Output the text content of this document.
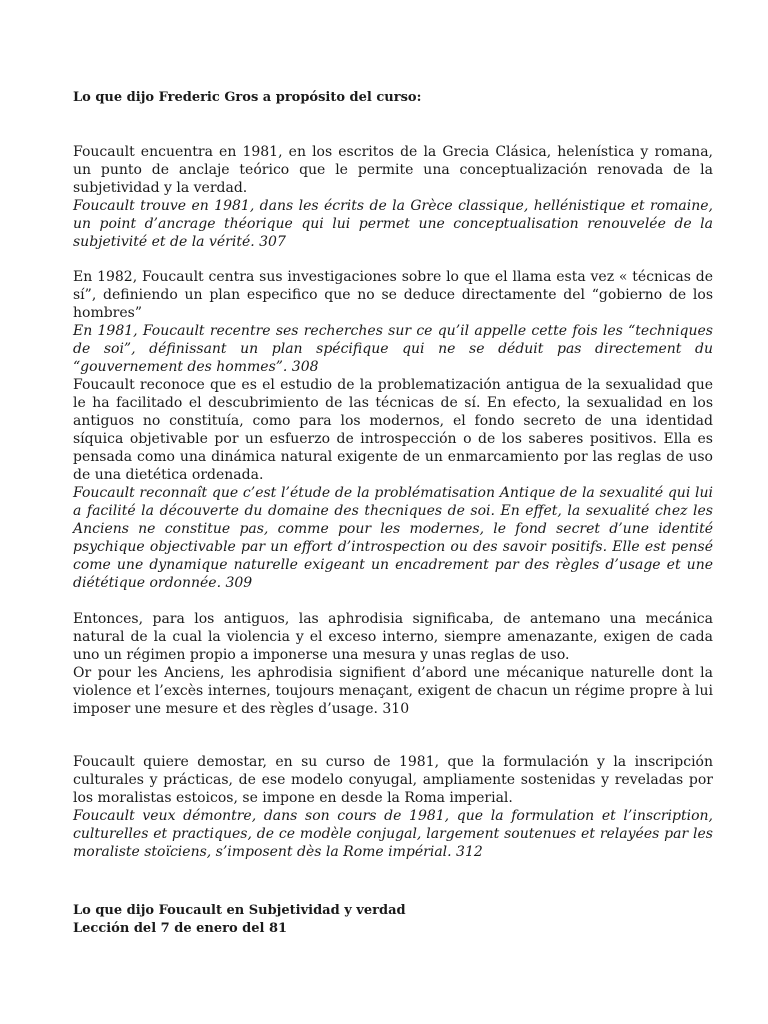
Lo que dijo Frederic Gros a propósito del curso:

Foucault encuentra en 1981, en los escritos de la Grecia Clásica, helenística y romana, un punto de anclaje teórico que le permite una conceptualización renovada de la subjetividad y la verdad.

Foucault trouve en 1981, dans les écrits de la Grèce classique, hellénistique et romaine, un point d’ancrage théorique qui lui permet une conceptualisation renouvelée de la subjetivité et de la vérité. 307

En 1982, Foucault centra sus investigaciones sobre lo que el llama esta vez « técnicas de sí”, definiendo un plan especifico que no se deduce directamente del “gobierno de los hombres”

En 1981, Foucault recentre ses recherches sur ce qu’il appelle cette fois les “techniques de soi”, définissant un plan spécifique qui ne se déduit pas directement du “gouvernement des hommes”. 308

Foucault reconoce que es el estudio de la problematización antigua de la sexualidad que le ha facilitado el descubrimiento de las técnicas de sí. En efecto, la sexualidad en los antiguos no constituía, como para los modernos, el fondo secreto de una identidad síquica objetivable por un esfuerzo de introspección o de los saberes positivos. Ella es pensada como una dinámica natural exigente de un enmarcamiento por las reglas de uso de una dietética ordenada.

Foucault reconnaît que c’est l’étude de la problématisation Antique de la sexualité qui lui a facilité la découverte du domaine des thecniques de soi. En effet, la sexualité chez les Anciens ne constitue pas, comme pour les modernes, le fond secret d’une identité psychique objectivable par un effort d’introspection ou des savoir positifs. Elle est pensé come une dynamique naturelle exigeant un encadrement par des règles d’usage et une diététique ordonnée. 309

Entonces, para los antiguos, las aphrodisia significaba, de antemano una mecánica natural de la cual la violencia y el exceso interno, siempre amenazante, exigen de cada uno un régimen propio a imponerse una mesura y unas reglas de uso.

Or pour les Anciens, les aphrodisia signifient d’abord une mécanique naturelle dont la violence et l’excès internes, toujours menaçant, exigent de chacun un régime propre à lui imposer une mesure et des règles d’usage. 310

Foucault quiere demostar, en su curso de 1981, que la formulación y la inscripción culturales y prácticas, de ese modelo conyugal, ampliamente sostenidas y reveladas por los moralistas estoicos, se impone en desde la Roma imperial.

Foucault veux démontre, dans son cours de 1981, que la formulation et l’inscription, culturelles et practiques, de ce modèle conjugal, largement soutenues et relayées par les moraliste stoïciens, s’imposent dès la Rome impérial. 312

Lo que dijo Foucault en Subjetividad y verdad

Lección del 7 de enero del 81
